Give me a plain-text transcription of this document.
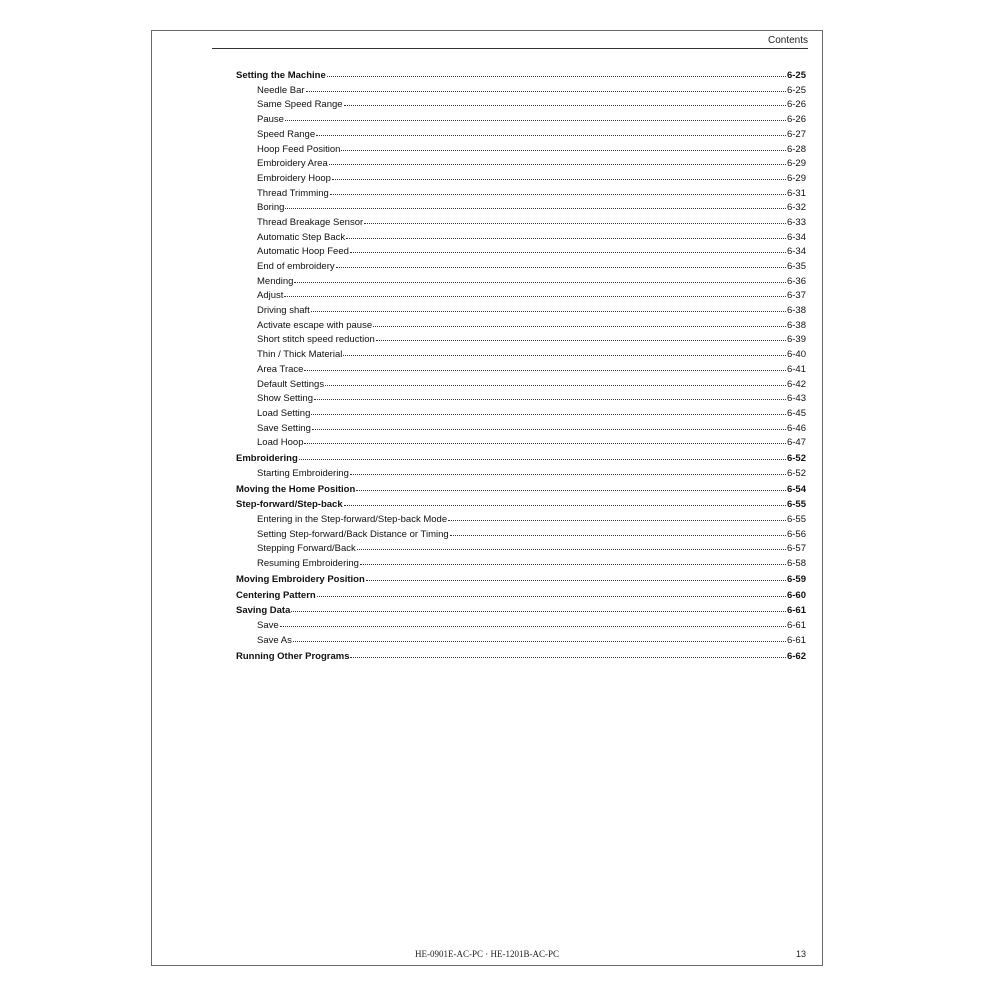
Contents
Setting the Machine	6-25
Needle Bar	6-25
Same Speed Range	6-26
Pause	6-26
Speed Range	6-27
Hoop Feed Position	6-28
Embroidery Area	6-29
Embroidery Hoop	6-29
Thread Trimming	6-31
Boring	6-32
Thread Breakage Sensor	6-33
Automatic Step Back	6-34
Automatic Hoop Feed	6-34
End of embroidery	6-35
Mending	6-36
Adjust	6-37
Driving shaft	6-38
Activate escape with pause	6-38
Short stitch speed reduction	6-39
Thin / Thick Material	6-40
Area Trace	6-41
Default Settings	6-42
Show Setting	6-43
Load Setting	6-45
Save Setting	6-46
Load Hoop	6-47
Embroidering	6-52
Starting Embroidering	6-52
Moving the Home Position	6-54
Step-forward/Step-back	6-55
Entering in the Step-forward/Step-back Mode	6-55
Setting Step-forward/Back Distance or Timing	6-56
Stepping Forward/Back	6-57
Resuming Embroidering	6-58
Moving Embroidery Position	6-59
Centering Pattern	6-60
Saving Data	6-61
Save	6-61
Save As	6-61
Running Other Programs	6-62
HE-0901E-AC-PC · HE-1201B-AC-PC	13
